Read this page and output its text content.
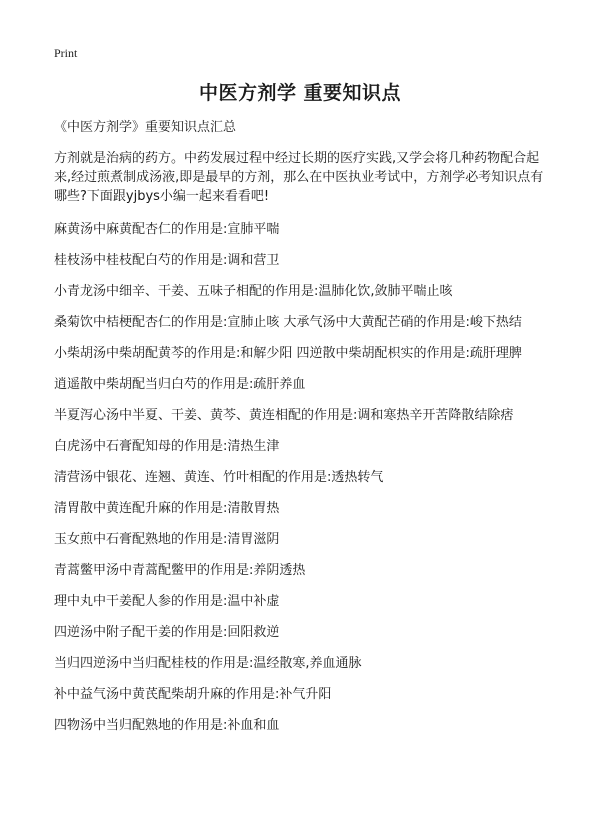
Print
中医方剂学 重要知识点

《中医方剂学》重要知识点汇总

方剂就是治病的药方。中药发展过程中经过长期的医疗实践,又学会将几种药物配合起来,经过煎煮制成汤液,即是最早的方剂，那么在中医执业考试中，方剂学必考知识点有哪些?下面跟yjbys小编一起来看看吧!

麻黄汤中麻黄配杏仁的作用是:宣肺平喘

桂枝汤中桂枝配白芍的作用是:调和营卫

小青龙汤中细辛、干姜、五味子相配的作用是:温肺化饮,敛肺平喘止咳

桑菊饮中桔梗配杏仁的作用是:宣肺止咳 大承气汤中大黄配芒硝的作用是:峻下热结

小柴胡汤中柴胡配黄芩的作用是:和解少阳 四逆散中柴胡配枳实的作用是:疏肝理脾

逍遥散中柴胡配当归白芍的作用是:疏肝养血

半夏泻心汤中半夏、干姜、黄芩、黄连相配的作用是:调和寒热辛开苦降散结除痞

白虎汤中石膏配知母的作用是:清热生津

清营汤中银花、连翘、黄连、竹叶相配的作用是:透热转气

清胃散中黄连配升麻的作用是:清散胃热

玉女煎中石膏配熟地的作用是:清胃滋阴

青蒿鳖甲汤中青蒿配鳖甲的作用是:养阴透热

理中丸中干姜配人参的作用是:温中补虚

四逆汤中附子配干姜的作用是:回阳救逆

当归四逆汤中当归配桂枝的作用是:温经散寒,养血通脉

补中益气汤中黄芪配柴胡升麻的作用是:补气升阳

四物汤中当归配熟地的作用是:补血和血
